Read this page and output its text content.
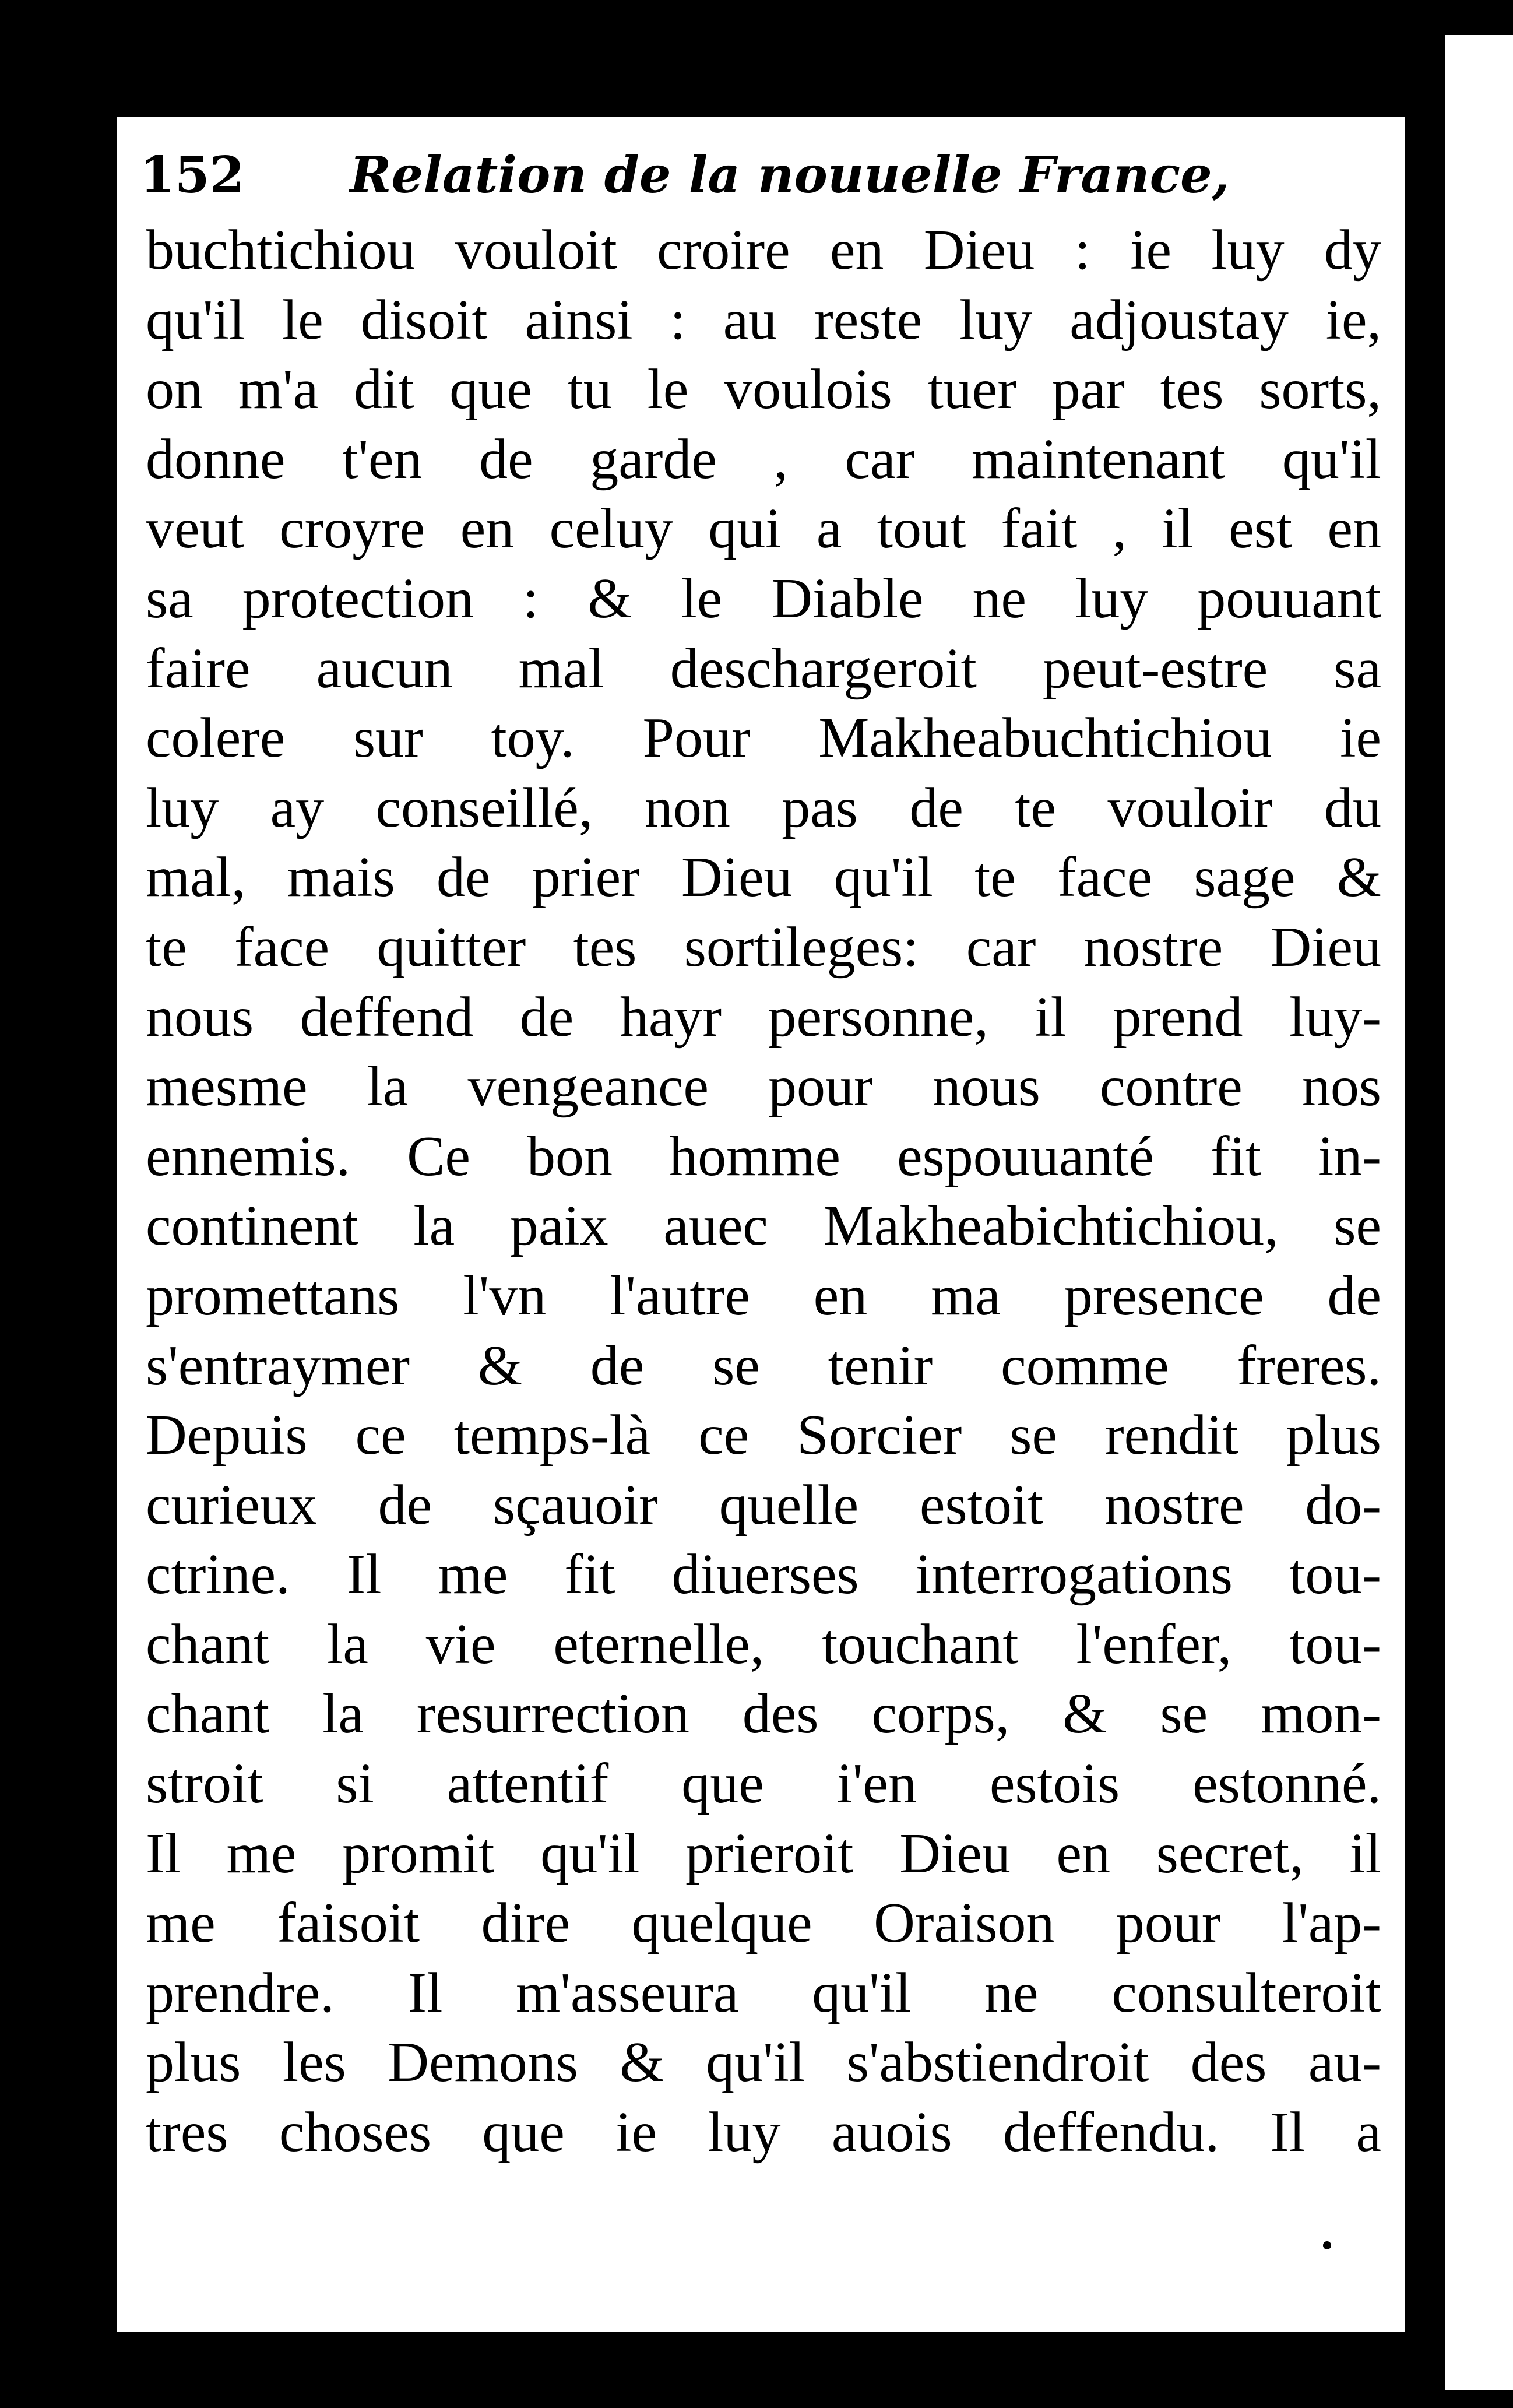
152 Relation de la nouuelle France,
buchtichiou vouloit croire en Dieu : ie luy dy
qu'il le disoit ainsi : au reste luy adjoustay ie,
on m'a dit que tu le voulois tuer par tes sorts,
donne t'en de garde , car maintenant qu'il
veut croyre en celuy qui a tout fait , il est en
sa protection : & le Diable ne luy pouuant
faire aucun mal deschargeroit peut-estre sa
colere sur toy. Pour Makheabuchtichiou ie
luy ay conseillé, non pas de te vouloir du
mal, mais de prier Dieu qu'il te face sage &
te face quitter tes sortileges: car nostre Dieu
nous deffend de hayr personne, il prend luy-
mesme la vengeance pour nous contre nos
ennemis. Ce bon homme espouuanté fit in-
continent la paix auec Makheabichtichiou, se
promettans l'vn l'autre en ma presence de
s'entraymer & de se tenir comme freres.
Depuis ce temps-là ce Sorcier se rendit plus
curieux de sçauoir quelle estoit nostre do-
ctrine. Il me fit diuerses interrogations tou-
chant la vie eternelle, touchant l'enfer, tou-
chant la resurrection des corps, & se mon-
stroit si attentif que i'en estois estonné.
Il me promit qu'il prieroit Dieu en secret, il
me faisoit dire quelque Oraison pour l'ap-
prendre. Il m'asseura qu'il ne consulteroit
plus les Demons & qu'il s'abstiendroit des au-
tres choses que ie luy auois deffendu. Il a
